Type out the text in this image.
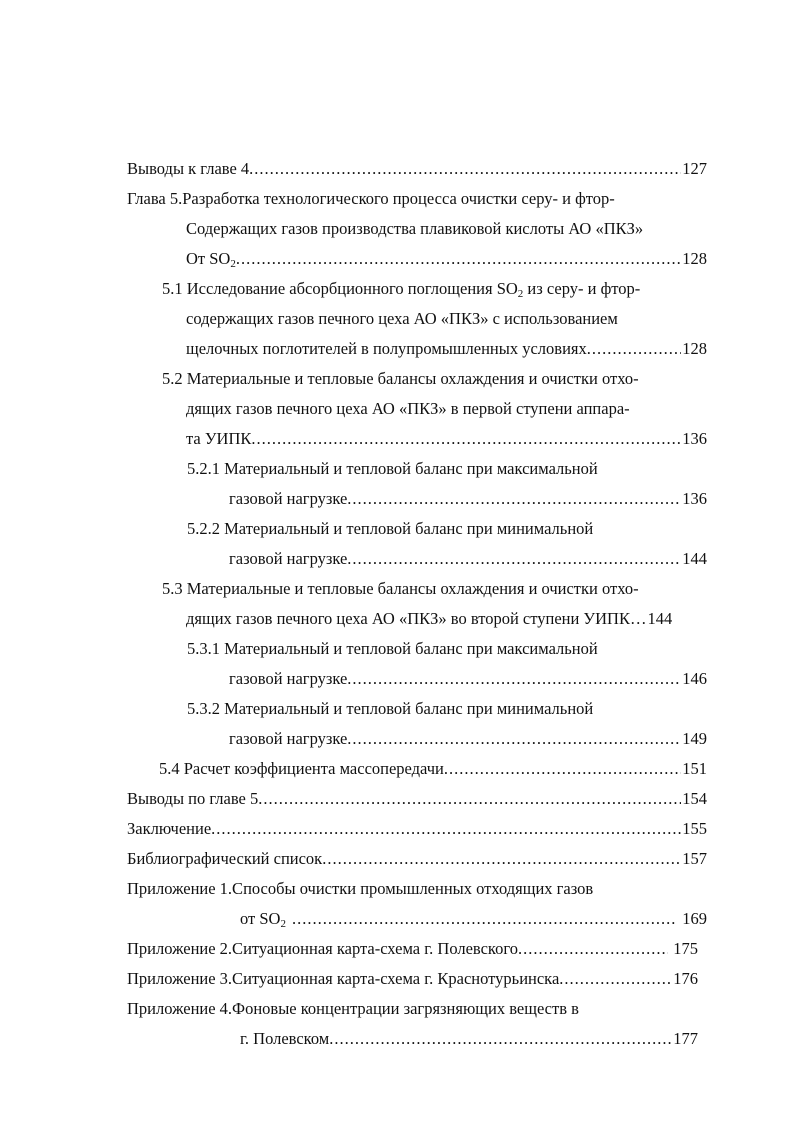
Выводы к главе 4 .....	127
Глава 5.Разработка технологического процесса очистки серу- и фтор-
Содержащих газов производства плавиковой кислоты АО «ПКЗ»
От $SO_2$ .....	128
5.1 Исследование абсорбционного поглощения $SO_2$ из серу- и фтор-
содержащих газов печного цеха АО «ПКЗ» с использованием
щелочных поглотителей в полупромышленных условиях .....	128
5.2 Материальные и тепловые балансы охлаждения и очистки отхо-
дящих газов печного цеха АО «ПКЗ» в первой ступени аппара-
та УИПК .....	136
5.2.1 Материальный и тепловой баланс при максимальной
газовой нагрузке .....	136
5.2.2 Материальный и тепловой баланс при минимальной
газовой нагрузке .....	144
5.3 Материальные и тепловые балансы охлаждения и очистки отхо-
дящих газов печного цеха АО «ПКЗ» во второй ступени УИПК… 144
5.3.1 Материальный и тепловой баланс при максимальной
газовой нагрузке .....	146
5.3.2 Материальный и тепловой баланс при минимальной
газовой нагрузке .....	149
5.4 Расчет коэффициента массопередачи .....	151
Выводы по главе 5 .....	154
Заключение .....	155
Библиографический список .....	157
Приложение 1.Способы очистки промышленных отходящих газов
от $SO_2$ .....	169
Приложение 2.Ситуационная карта-схема г. Полевского .....	175
Приложение 3.Ситуационная карта-схема г. Краснотурьинска .....	176
Приложение 4.Фоновые концентрации загрязняющих веществ в
г. Полевском .....	177
